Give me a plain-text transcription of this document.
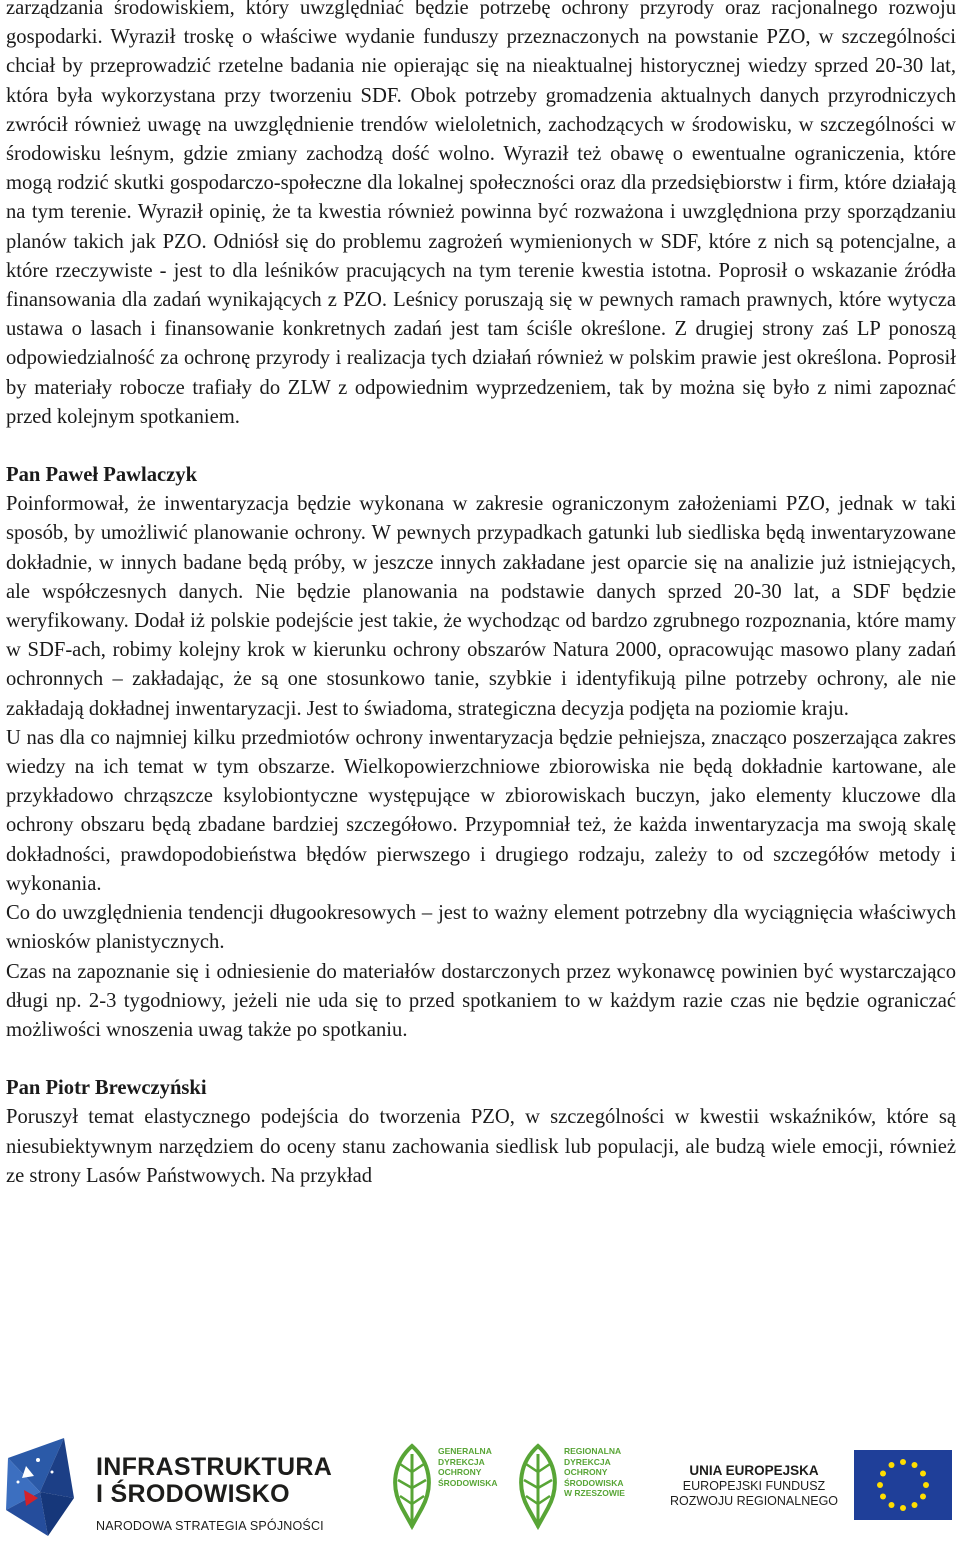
zarządzania środowiskiem, który uwzględniać będzie potrzebę ochrony przyrody oraz racjonalnego rozwoju gospodarki. Wyraził troskę o właściwe wydanie funduszy przeznaczonych na powstanie PZO, w szczególności chciał by przeprowadzić rzetelne badania nie opierając się na nieaktualnej historycznej wiedzy sprzed 20-30 lat, która była wykorzystana przy tworzeniu SDF. Obok potrzeby gromadzenia aktualnych danych przyrodniczych zwrócił również uwagę na uwzględnienie trendów wieloletnich, zachodzących w środowisku, w szczególności w środowisku leśnym, gdzie zmiany zachodzą dość wolno. Wyraził też obawę o ewentualne ograniczenia, które mogą rodzić skutki gospodarczo-społeczne dla lokalnej społeczności oraz dla przedsiębiorstw i firm, które działają na tym terenie. Wyraził opinię, że ta kwestia również powinna być rozważona i uwzględniona przy sporządzaniu planów takich jak PZO. Odniósł się do problemu zagrożeń wymienionych w SDF, które z nich są potencjalne, a które rzeczywiste - jest to dla leśników pracujących na tym terenie kwestia istotna. Poprosił o wskazanie źródła finansowania dla zadań wynikających z PZO. Leśnicy poruszają się w pewnych ramach prawnych, które wytycza ustawa o lasach i finansowanie konkretnych zadań jest tam ściśle określone. Z drugiej strony zaś LP ponoszą odpowiedzialność za ochronę przyrody i realizacja tych działań również w polskim prawie jest określona. Poprosił by materiały robocze trafiały do ZLW z odpowiednim wyprzedzeniem, tak by można się było z nimi zapoznać przed kolejnym spotkaniem.

Pan Paweł Pawlaczyk

Poinformował, że inwentaryzacja będzie wykonana w zakresie ograniczonym założeniami PZO, jednak w taki sposób, by umożliwić planowanie ochrony. W pewnych przypadkach gatunki lub siedliska będą inwentaryzowane dokładnie, w innych badane będą próby, w jeszcze innych zakładane jest oparcie się na analizie już istniejących, ale współczesnych danych. Nie będzie planowania na podstawie danych sprzed 20-30 lat, a SDF będzie weryfikowany. Dodał iż polskie podejście jest takie, że wychodząc od bardzo zgrubnego rozpoznania, które mamy w SDF-ach, robimy kolejny krok w kierunku ochrony obszarów Natura 2000, opracowując masowo plany zadań ochronnych – zakładając, że są one stosunkowo tanie, szybkie i identyfikują pilne potrzeby ochrony, ale nie zakładają dokładnej inwentaryzacji. Jest to świadoma, strategiczna decyzja podjęta na poziomie kraju.

U nas dla co najmniej kilku przedmiotów ochrony inwentaryzacja będzie pełniejsza, znacząco poszerzająca zakres wiedzy na ich temat w tym obszarze. Wielkopowierzchniowe zbiorowiska nie będą dokładnie kartowane, ale przykładowo chrząszcze ksylobiontyczne występujące w zbiorowiskach buczyn, jako elementy kluczowe dla ochrony obszaru będą zbadane bardziej szczegółowo. Przypomniał też, że każda inwentaryzacja ma swoją skalę dokładności, prawdopodobieństwa błędów pierwszego i drugiego rodzaju, zależy to od szczegółów metody i wykonania.

Co do uwzględnienia tendencji długookresowych – jest to ważny element potrzebny dla wyciągnięcia właściwych wniosków planistycznych.

Czas na zapoznanie się i odniesienie do materiałów dostarczonych przez wykonawcę powinien być wystarczająco długi np. 2-3 tygodniowy, jeżeli nie uda się to przed spotkaniem to w każdym razie czas nie będzie ograniczać możliwości wnoszenia uwag także po spotkaniu.

Pan Piotr Brewczyński

Poruszył temat elastycznego podejścia do tworzenia PZO, w szczególności w kwestii wskaźników, które są niesubiektywnym narzędziem do oceny stanu zachowania siedlisk lub populacji, ale budzą wiele emocji, również ze strony Lasów Państwowych. Na przykład

INFRASTRUKTURA
I ŚRODOWISKO
NARODOWA STRATEGIA SPÓJNOŚCI
GENERALNA
DYREKCJA
OCHRONY
ŚRODOWISKA
REGIONALNA
DYREKCJA
OCHRONY
ŚRODOWISKA
W RZESZOWIE
UNIA EUROPEJSKA
EUROPEJSKI FUNDUSZ
ROZWOJU REGIONALNEGO
